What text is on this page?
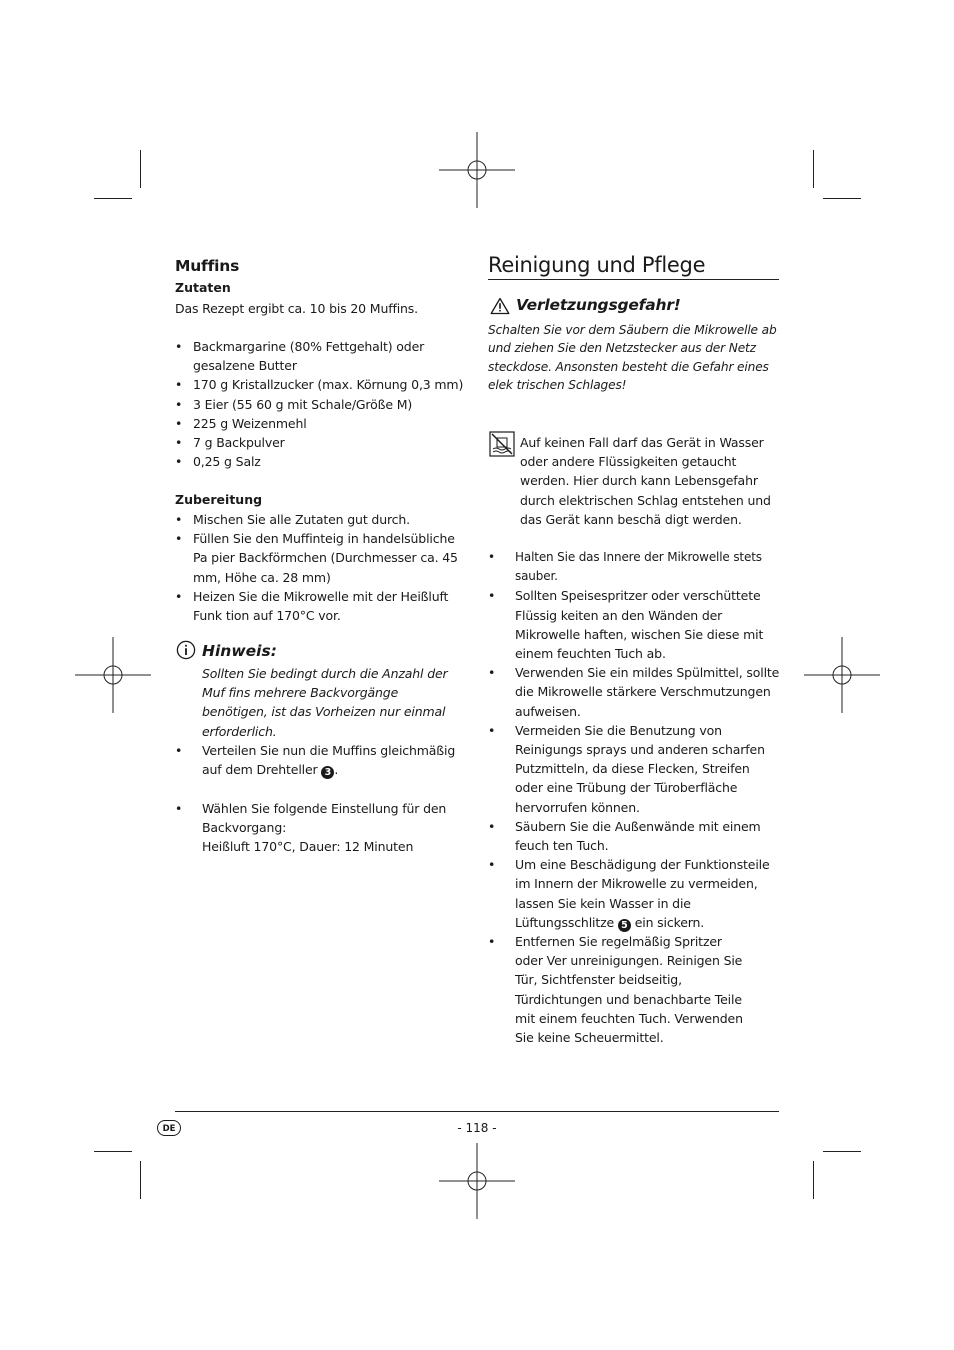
Muffins
Zutaten
Das Rezept ergibt ca. 10 bis 20 Muffins.
• Backmargarine (80% Fettgehalt) oder gesalzene Butter
• 170 g Kristallzucker (max. Körnung 0,3 mm)
• 3 Eier (55 60 g mit Schale/Größe M)
• 225 g Weizenmehl
• 7 g Backpulver
• 0,25 g Salz
Zubereitung
• Mischen Sie alle Zutaten gut durch.
• Füllen Sie den Muffinteig in handelsübliche Pa pier Backförmchen (Durchmesser ca. 45 mm, Höhe ca. 28 mm)
• Heizen Sie die Mikrowelle mit der Heißluft Funk tion auf 170°C vor.
Hinweis:
Sollten Sie bedingt durch die Anzahl der Muf fins mehrere Backvorgänge benötigen, ist das Vorheizen nur einmal erforderlich.
• Verteilen Sie nun die Muffins gleichmäßig auf dem Drehteller 3 .
• Wählen Sie folgende Einstellung für den Backvorgang:
Heißluft 170°C, Dauer: 12 Minuten
Reinigung und Pflege
Verletzungsgefahr!
Schalten Sie vor dem Säubern die Mikrowelle ab und ziehen Sie den Netzstecker aus der Netz steckdose. Ansonsten besteht die Gefahr eines elek trischen Schlages!
Auf keinen Fall darf das Gerät in Wasser oder andere Flüssigkeiten getaucht werden. Hier durch kann Lebensgefahr durch elektrischen Schlag entstehen und das Gerät kann beschä digt werden.
• Halten Sie das Innere der Mikrowelle stets sauber.
• Sollten Speisespritzer oder verschüttete Flüssig keiten an den Wänden der Mikrowelle haften, wischen Sie diese mit einem feuchten Tuch ab.
• Verwenden Sie ein mildes Spülmittel, sollte die Mikrowelle stärkere Verschmutzungen aufweisen.
• Vermeiden Sie die Benutzung von Reinigungs sprays und anderen scharfen Putzmitteln, da diese Flecken, Streifen oder eine Trübung der Türoberfläche hervorrufen können.
• Säubern Sie die Außenwände mit einem feuch ten Tuch.
• Um eine Beschädigung der Funktionsteile im Innern der Mikrowelle zu vermeiden, lassen Sie kein Wasser in die Lüftungsschlitze 5 ein sickern.
• Entfernen Sie regelmäßig Spritzer oder Ver unreinigungen. Reinigen Sie Tür, Sichtfenster beidseitig, Türdichtungen und benachbarte Teile mit einem feuchten Tuch. Verwenden Sie keine Scheuermittel.
DE	- 118 -
